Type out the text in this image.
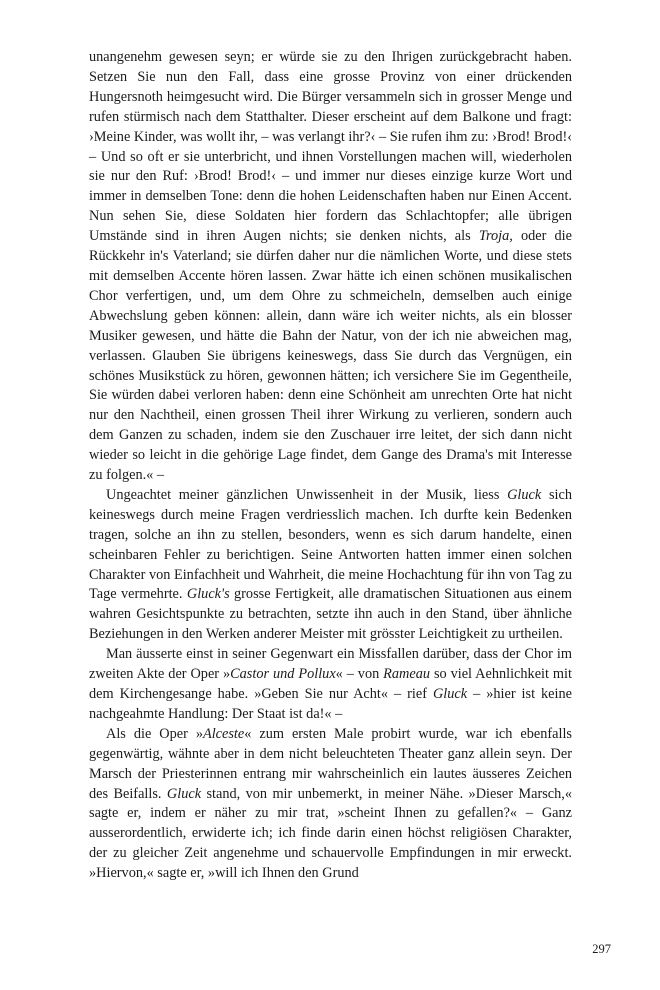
unangenehm gewesen seyn; er würde sie zu den Ihrigen zurückgebracht haben. Setzen Sie nun den Fall, dass eine grosse Provinz von einer drückenden Hungersnoth heimgesucht wird. Die Bürger versammeln sich in grosser Menge und rufen stürmisch nach dem Statthalter. Dieser erscheint auf dem Balkone und fragt: ›Meine Kinder, was wollt ihr, – was verlangt ihr?‹ – Sie rufen ihm zu: ›Brod! Brod!‹ – Und so oft er sie unterbricht, und ihnen Vorstellungen machen will, wiederholen sie nur den Ruf: ›Brod! Brod!‹ – und immer nur dieses einzige kurze Wort und immer in demselben Tone: denn die hohen Leidenschaften haben nur Einen Accent. Nun sehen Sie, diese Soldaten hier fordern das Schlachtopfer; alle übrigen Umstände sind in ihren Augen nichts; sie denken nichts, als Troja, oder die Rückkehr in's Vaterland; sie dürfen daher nur die nämlichen Worte, und diese stets mit demselben Accente hören lassen. Zwar hätte ich einen schönen musikalischen Chor verfertigen, und, um dem Ohre zu schmeicheln, demselben auch einige Abwechslung geben können: allein, dann wäre ich weiter nichts, als ein blosser Musiker gewesen, und hätte die Bahn der Natur, von der ich nie abweichen mag, verlassen. Glauben Sie übrigens keineswegs, dass Sie durch das Vergnügen, ein schönes Musikstück zu hören, gewonnen hätten; ich versichere Sie im Gegentheile, Sie würden dabei verloren haben: denn eine Schönheit am unrechten Orte hat nicht nur den Nachtheil, einen grossen Theil ihrer Wirkung zu verlieren, sondern auch dem Ganzen zu schaden, indem sie den Zuschauer irre leitet, der sich dann nicht wieder so leicht in die gehörige Lage findet, dem Gange des Drama's mit Interesse zu folgen.« –

Ungeachtet meiner gänzlichen Unwissenheit in der Musik, liess Gluck sich keineswegs durch meine Fragen verdriesslich machen. Ich durfte kein Bedenken tragen, solche an ihn zu stellen, besonders, wenn es sich darum handelte, einen scheinbaren Fehler zu berichtigen. Seine Antworten hatten immer einen solchen Charakter von Einfachheit und Wahrheit, die meine Hochachtung für ihn von Tag zu Tage vermehrte. Gluck's grosse Fertigkeit, alle dramatischen Situationen aus einem wahren Gesichtspunkte zu betrachten, setzte ihn auch in den Stand, über ähnliche Beziehungen in den Werken anderer Meister mit grösster Leichtigkeit zu urtheilen.

Man äusserte einst in seiner Gegenwart ein Missfallen darüber, dass der Chor im zweiten Akte der Oper »Castor und Pollux« – von Rameau so viel Aehnlichkeit mit dem Kirchengesange habe. »Geben Sie nur Acht« – rief Gluck – »hier ist keine nachgeahmte Handlung: Der Staat ist da!« –

Als die Oper »Alceste« zum ersten Male probirt wurde, war ich ebenfalls gegenwärtig, wähnte aber in dem nicht beleuchteten Theater ganz allein seyn. Der Marsch der Priesterinnen entrang mir wahrscheinlich ein lautes äusseres Zeichen des Beifalls. Gluck stand, von mir unbemerkt, in meiner Nähe. »Dieser Marsch,« sagte er, indem er näher zu mir trat, »scheint Ihnen zu gefallen?« – Ganz ausserordentlich, erwiderte ich; ich finde darin einen höchst religiösen Charakter, der zu gleicher Zeit angenehme und schauervolle Empfindungen in mir erweckt. »Hiervon,« sagte er, »will ich Ihnen den Grund

297
